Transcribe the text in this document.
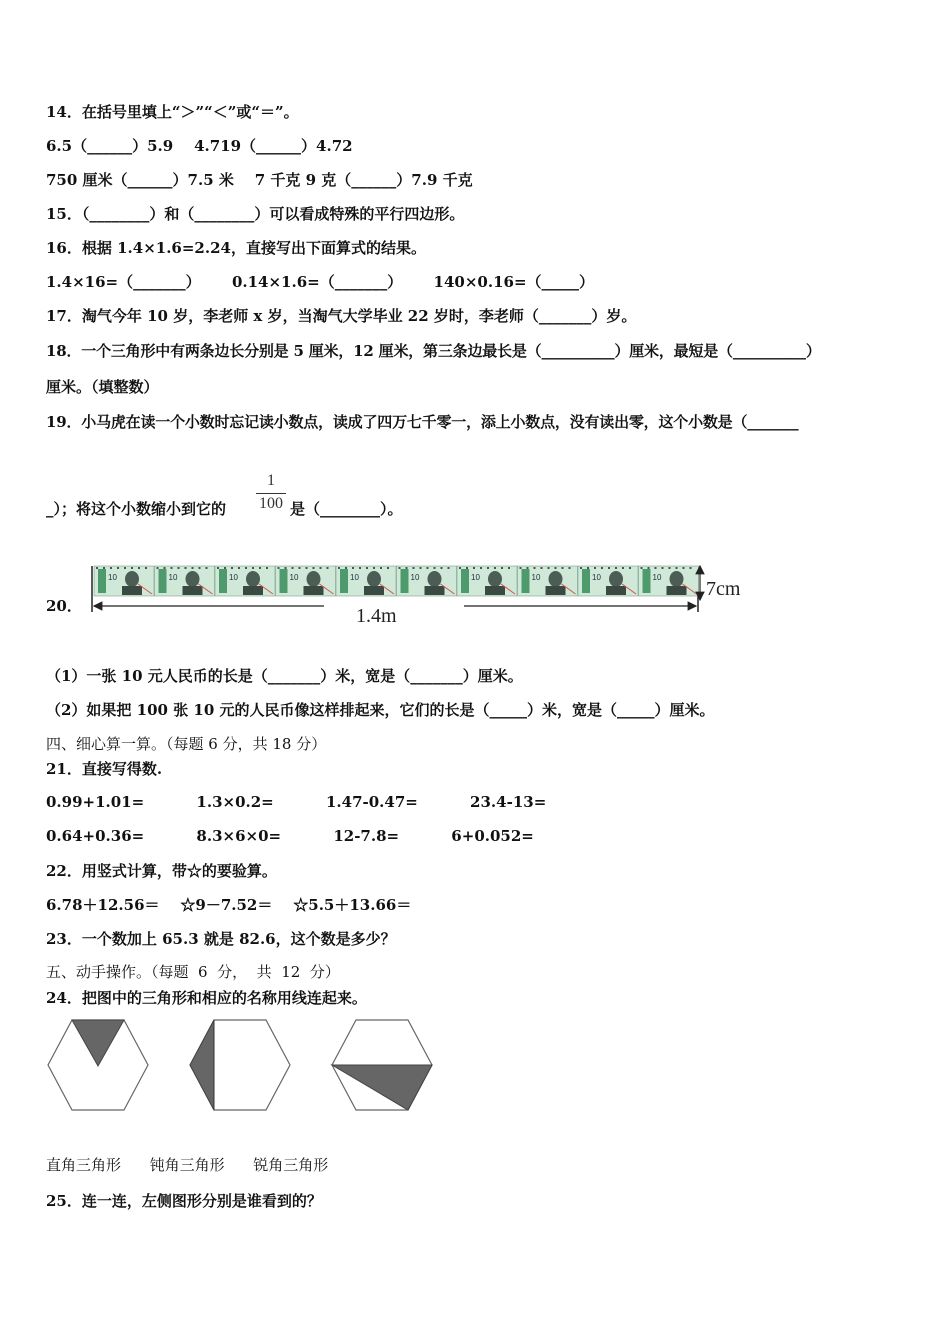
14．在括号里填上“＞”“＜”或“＝”。
6.5（______）5.9    4.719（______）4.72
750 厘米（______）7.5 米    7 千克 9 克（______）7.9 千克
15．（________）和（________）可以看成特殊的平行四边形。
16．根据 1.4×1.6=2.24，直接写出下面算式的结果。
1.4×16=（_______）      0.14×1.6=（_______）      140×0.16=（_____）
17．淘气今年 10 岁，李老师 x 岁，当淘气大学毕业 22 岁时，李老师（_______）岁。
18．一个三角形中有两条边长分别是 5 厘米，12 厘米，第三条边最长是（__________）厘米，最短是（__________）
厘米。（填整数）
19．小马虎在读一个小数时忘记读小数点，读成了四万七千零一，添上小数点，没有读出零，这个小数是（_______
_）；将这个小数缩小到它的
1
100 是（________）。
20．
10	10	10	10	10	10	10	10	10	10
7cm
1.4m
（1）一张 10 元人民币的长是（_______）米，宽是（_______）厘米。
（2）如果把 100 张 10 元的人民币像这样排起来，它们的长是（_____）米，宽是（_____）厘米。
四、细心算一算。（每题 6 分，共 18 分）
21．直接写得数.
0.99+1.01=          1.3×0.2=          1.47-0.47=          23.4-13=
0.64+0.36=          8.3×6×0=          12-7.8=          6+0.052=
22．用竖式计算，带☆的要验算。
6.78＋12.56＝    ☆9－7.52＝    ☆5.5＋13.66＝
23．一个数加上 65.3 就是 82.6，这个数是多少？
五、动手操作。（每题  6  分，  共  12  分）
24．把图中的三角形和相应的名称用线连起来。
直角三角形      钝角三角形      锐角三角形
25．连一连，左侧图形分别是谁看到的？
